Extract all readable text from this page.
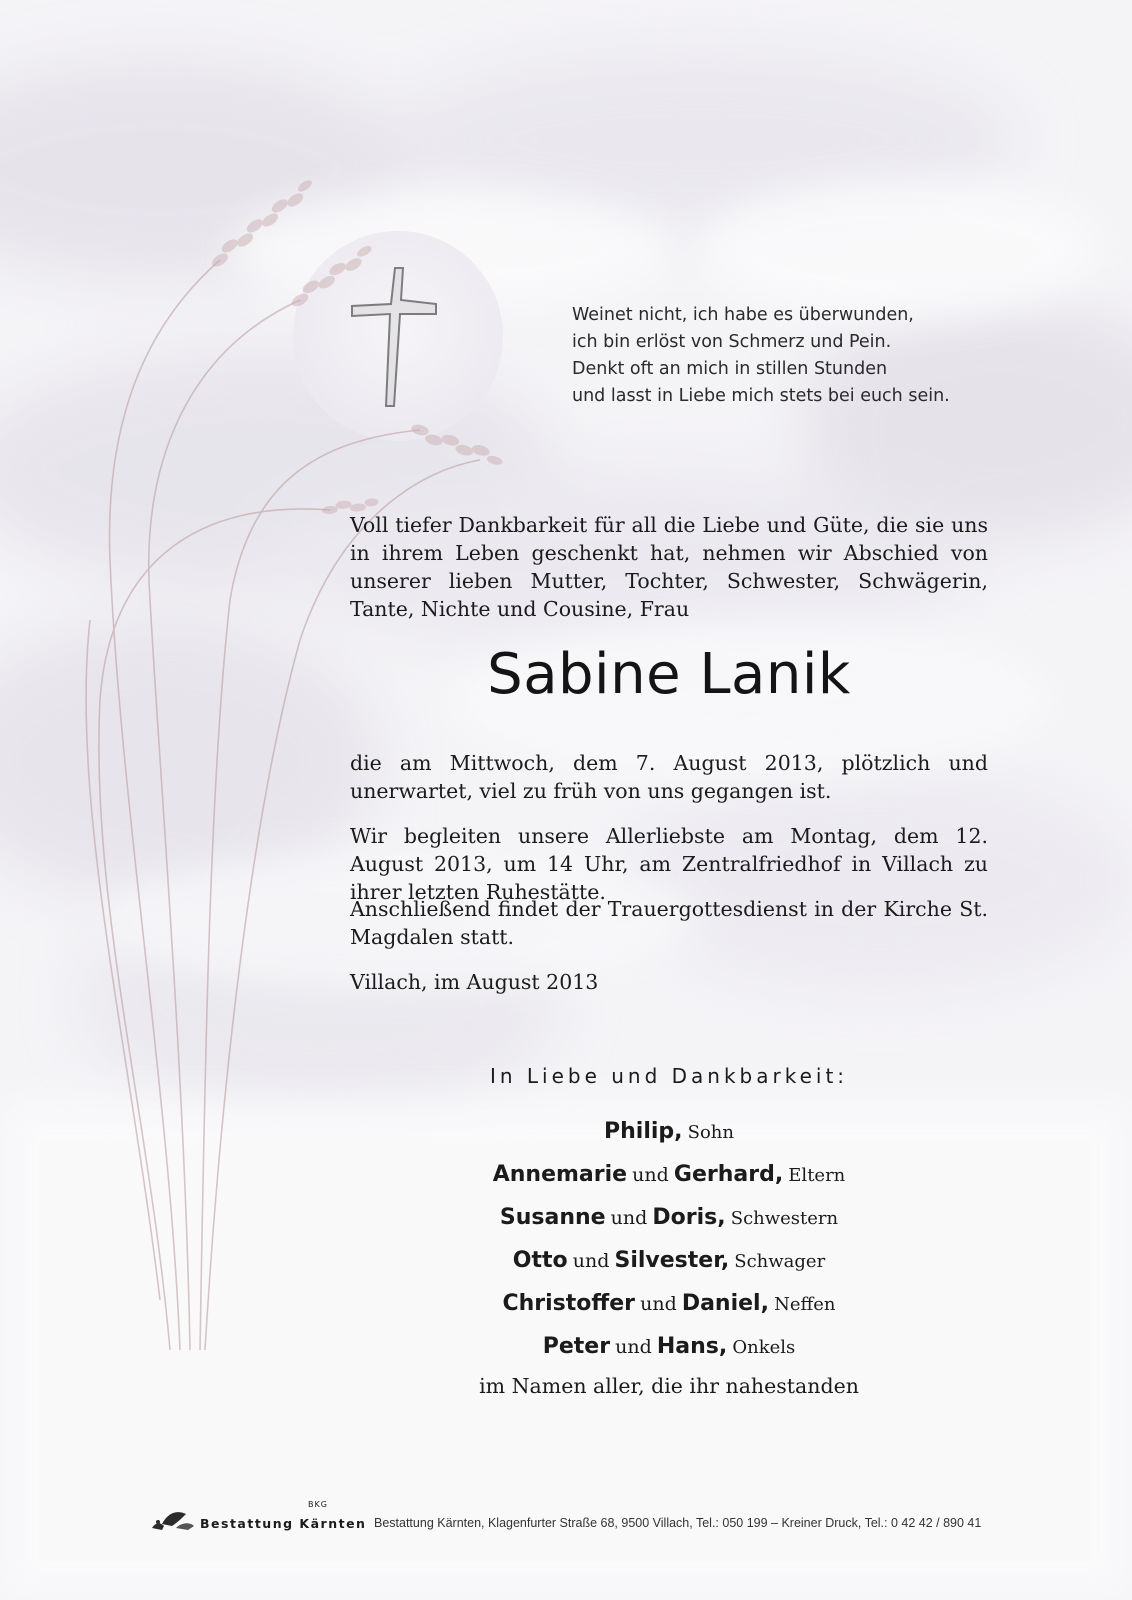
Weinet nicht, ich habe es überwunden,
ich bin erlöst von Schmerz und Pein.
Denkt oft an mich in stillen Stunden
und lasst in Liebe mich stets bei euch sein.
Voll tiefer Dankbarkeit für all die Liebe und Güte, die sie uns in ihrem Leben geschenkt hat, nehmen wir Abschied von unserer lieben Mutter, Tochter, Schwester, Schwägerin, Tante, Nichte und Cousine, Frau
Sabine Lanik
die am Mittwoch, dem 7. August 2013, plötzlich und unerwartet, viel zu früh von uns gegangen ist.
Wir begleiten unsere Allerliebste am Montag, dem 12. August 2013, um 14 Uhr, am Zentralfriedhof in Villach zu ihrer letzten Ruhestätte.
Anschließend findet der Trauergottesdienst in der Kirche St. Magdalen statt.
Villach, im August 2013
In Liebe und Dankbarkeit:
Philip, Sohn
Annemarie und Gerhard, Eltern
Susanne und Doris, Schwestern
Otto und Silvester, Schwager
Christoffer und Daniel, Neffen
Peter und Hans, Onkels
im Namen aller, die ihr nahestanden
BKG
Bestattung Kärnten Bestattung Kärnten, Klagenfurter Straße 68, 9500 Villach, Tel.: 050 199 – Kreiner Druck, Tel.: 0 42 42 / 890 41
